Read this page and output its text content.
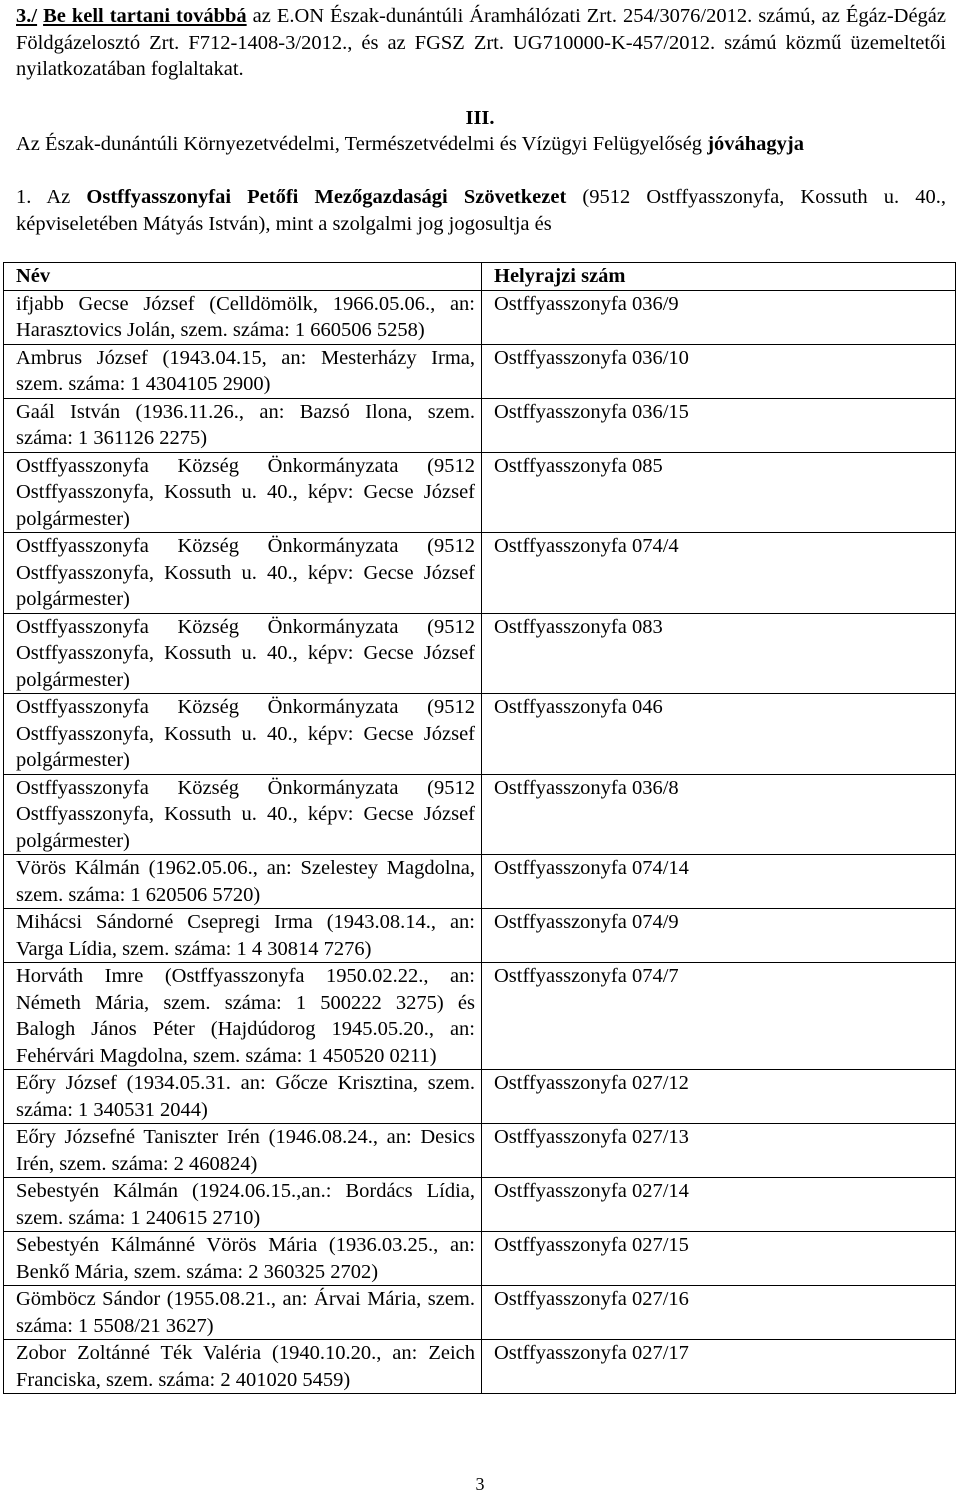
3./ Be kell tartani továbbá az E.ON Észak-dunántúli Áramhálózati Zrt. 254/3076/2012. számú, az Égáz-Dégáz Földgázelosztó Zrt. F712-1408-3/2012., és az FGSZ Zrt. UG710000-K-457/2012. számú közmű üzemeltetői nyilatkozatában foglaltakat.
III.
Az Észak-dunántúli Környezetvédelmi, Természetvédelmi és Vízügyi Felügyelőség jóváhagyja
1. Az Ostffyasszonyfai Petőfi Mezőgazdasági Szövetkezet (9512 Ostffyasszonyfa, Kossuth u. 40., képviseletében Mátyás István), mint a szolgalmi jog jogosultja és
Név	Helyrajzi szám
ifjabb Gecse József (Celldömölk, 1966.05.06., an: Harasztovics Jolán, szem. száma: 1 660506 5258)	Ostffyasszonyfa 036/9
Ambrus József (1943.04.15, an: Mesterházy Irma, szem. száma: 1 4304105 2900)	Ostffyasszonyfa 036/10
Gaál István (1936.11.26., an: Bazsó Ilona, szem. száma: 1 361126 2275)	Ostffyasszonyfa 036/15
Ostffyasszonyfa Község Önkormányzata (9512 Ostffyasszonyfa, Kossuth u. 40., képv: Gecse József polgármester)	Ostffyasszonyfa 085
Ostffyasszonyfa Község Önkormányzata (9512 Ostffyasszonyfa, Kossuth u. 40., képv: Gecse József polgármester)	Ostffyasszonyfa 074/4
Ostffyasszonyfa Község Önkormányzata (9512 Ostffyasszonyfa, Kossuth u. 40., képv: Gecse József polgármester)	Ostffyasszonyfa 083
Ostffyasszonyfa Község Önkormányzata (9512 Ostffyasszonyfa, Kossuth u. 40., képv: Gecse József polgármester)	Ostffyasszonyfa 046
Ostffyasszonyfa Község Önkormányzata (9512 Ostffyasszonyfa, Kossuth u. 40., képv: Gecse József polgármester)	Ostffyasszonyfa 036/8
Vörös Kálmán (1962.05.06., an: Szelestey Magdolna, szem. száma: 1 620506 5720)	Ostffyasszonyfa 074/14
Mihácsi Sándorné Csepregi Irma (1943.08.14., an: Varga Lídia, szem. száma: 1 4 30814 7276)	Ostffyasszonyfa 074/9
Horváth Imre (Ostffyasszonyfa 1950.02.22., an: Németh Mária, szem. száma: 1 500222 3275) és Balogh János Péter (Hajdúdorog 1945.05.20., an: Fehérvári Magdolna, szem. száma: 1 450520 0211)	Ostffyasszonyfa 074/7
Eőry József (1934.05.31. an: Gőcze Krisztina, szem. száma: 1 340531 2044)	Ostffyasszonyfa 027/12
Eőry Józsefné Taniszter Irén (1946.08.24., an: Desics Irén, szem. száma: 2 460824)	Ostffyasszonyfa 027/13
Sebestyén Kálmán (1924.06.15.,an.: Bordács Lídia, szem. száma: 1 240615 2710)	Ostffyasszonyfa 027/14
Sebestyén Kálmánné Vörös Mária (1936.03.25., an: Benkő Mária, szem. száma: 2 360325 2702)	Ostffyasszonyfa 027/15
Gömböcz Sándor (1955.08.21., an: Árvai Mária, szem. száma: 1 5508/21 3627)	Ostffyasszonyfa 027/16
Zobor Zoltánné Ték Valéria (1940.10.20., an: Zeich Franciska, szem. száma: 2 401020 5459)	Ostffyasszonyfa 027/17
3
